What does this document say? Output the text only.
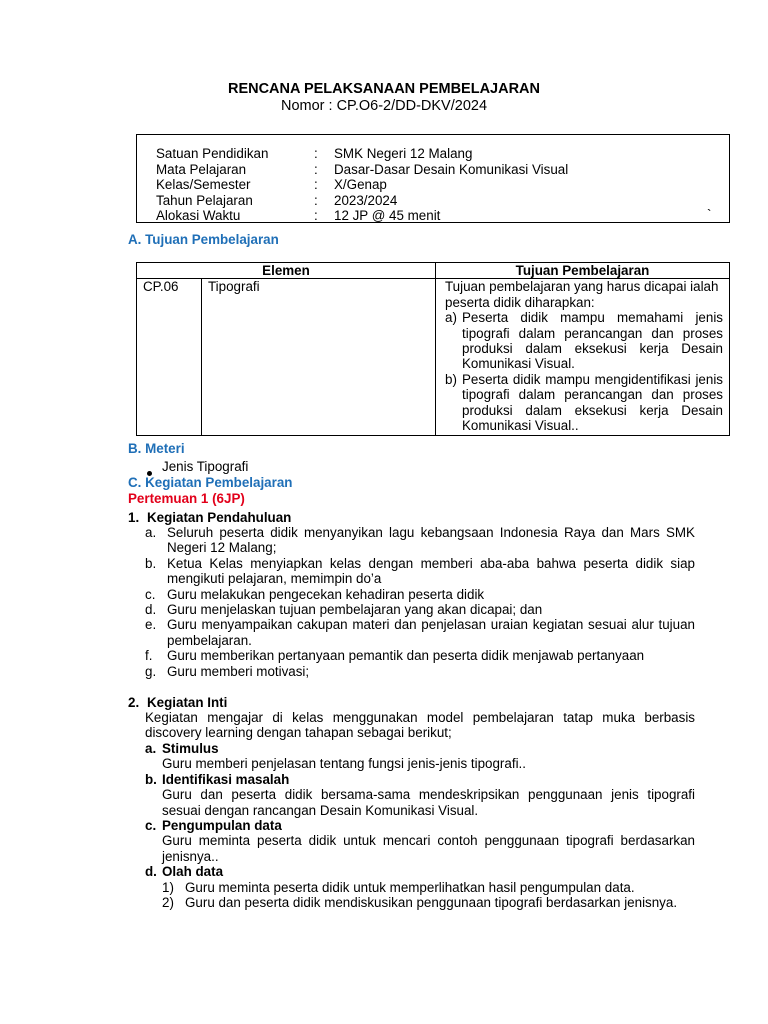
RENCANA PELAKSANAAN PEMBELAJARAN
Nomor : CP.O6-2/DD-DKV/2024
Satuan Pendidikan	: SMK Negeri 12 Malang
Mata Pelajaran	: Dasar-Dasar Desain Komunikasi Visual
Kelas/Semester	: X/Genap
Tahun Pelajaran	: 2023/2024
Alokasi Waktu	: 12 JP @ 45 menit	`
A. Tujuan Pembelajaran
Elemen		Tujuan Pembelajaran
CP.06	Tipografi	Tujuan pembelajaran yang harus dicapai ialah peserta didik diharapkan:
a) Peserta didik mampu memahami jenis tipografi dalam perancangan dan proses produksi dalam eksekusi kerja Desain Komunikasi Visual.
b) Peserta didik mampu mengidentifikasi jenis tipografi dalam perancangan dan proses produksi dalam eksekusi kerja Desain Komunikasi Visual..
B. Meteri
Jenis Tipografi
C. Kegiatan Pembelajaran
Pertemuan 1 (6JP)
1. Kegiatan Pendahuluan
a. Seluruh peserta didik menyanyikan lagu kebangsaan Indonesia Raya dan Mars SMK Negeri 12 Malang;
b. Ketua Kelas menyiapkan kelas dengan memberi aba-aba bahwa peserta didik siap mengikuti pelajaran, memimpin do’a
c. Guru melakukan pengecekan kehadiran peserta didik
d. Guru menjelaskan tujuan pembelajaran yang akan dicapai; dan
e. Guru menyampaikan cakupan materi dan penjelasan uraian kegiatan sesuai alur tujuan pembelajaran.
f.	Guru memberikan pertanyaan pemantik dan peserta didik menjawab pertanyaan
g. Guru memberi motivasi;
2. Kegiatan Inti
Kegiatan mengajar di kelas menggunakan model pembelajaran tatap muka berbasis discovery learning dengan tahapan sebagai berikut;
a. Stimulus
Guru memberi penjelasan tentang fungsi jenis-jenis tipografi..
b. Identifikasi masalah
Guru dan peserta didik bersama-sama mendeskripsikan penggunaan jenis tipografi sesuai dengan rancangan Desain Komunikasi Visual.
c. Pengumpulan data
Guru meminta peserta didik untuk mencari contoh penggunaan tipografi berdasarkan jenisnya..
d. Olah data
1) Guru meminta peserta didik untuk memperlihatkan hasil pengumpulan data.
2) Guru dan peserta didik mendiskusikan penggunaan tipografi berdasarkan jenisnya.
